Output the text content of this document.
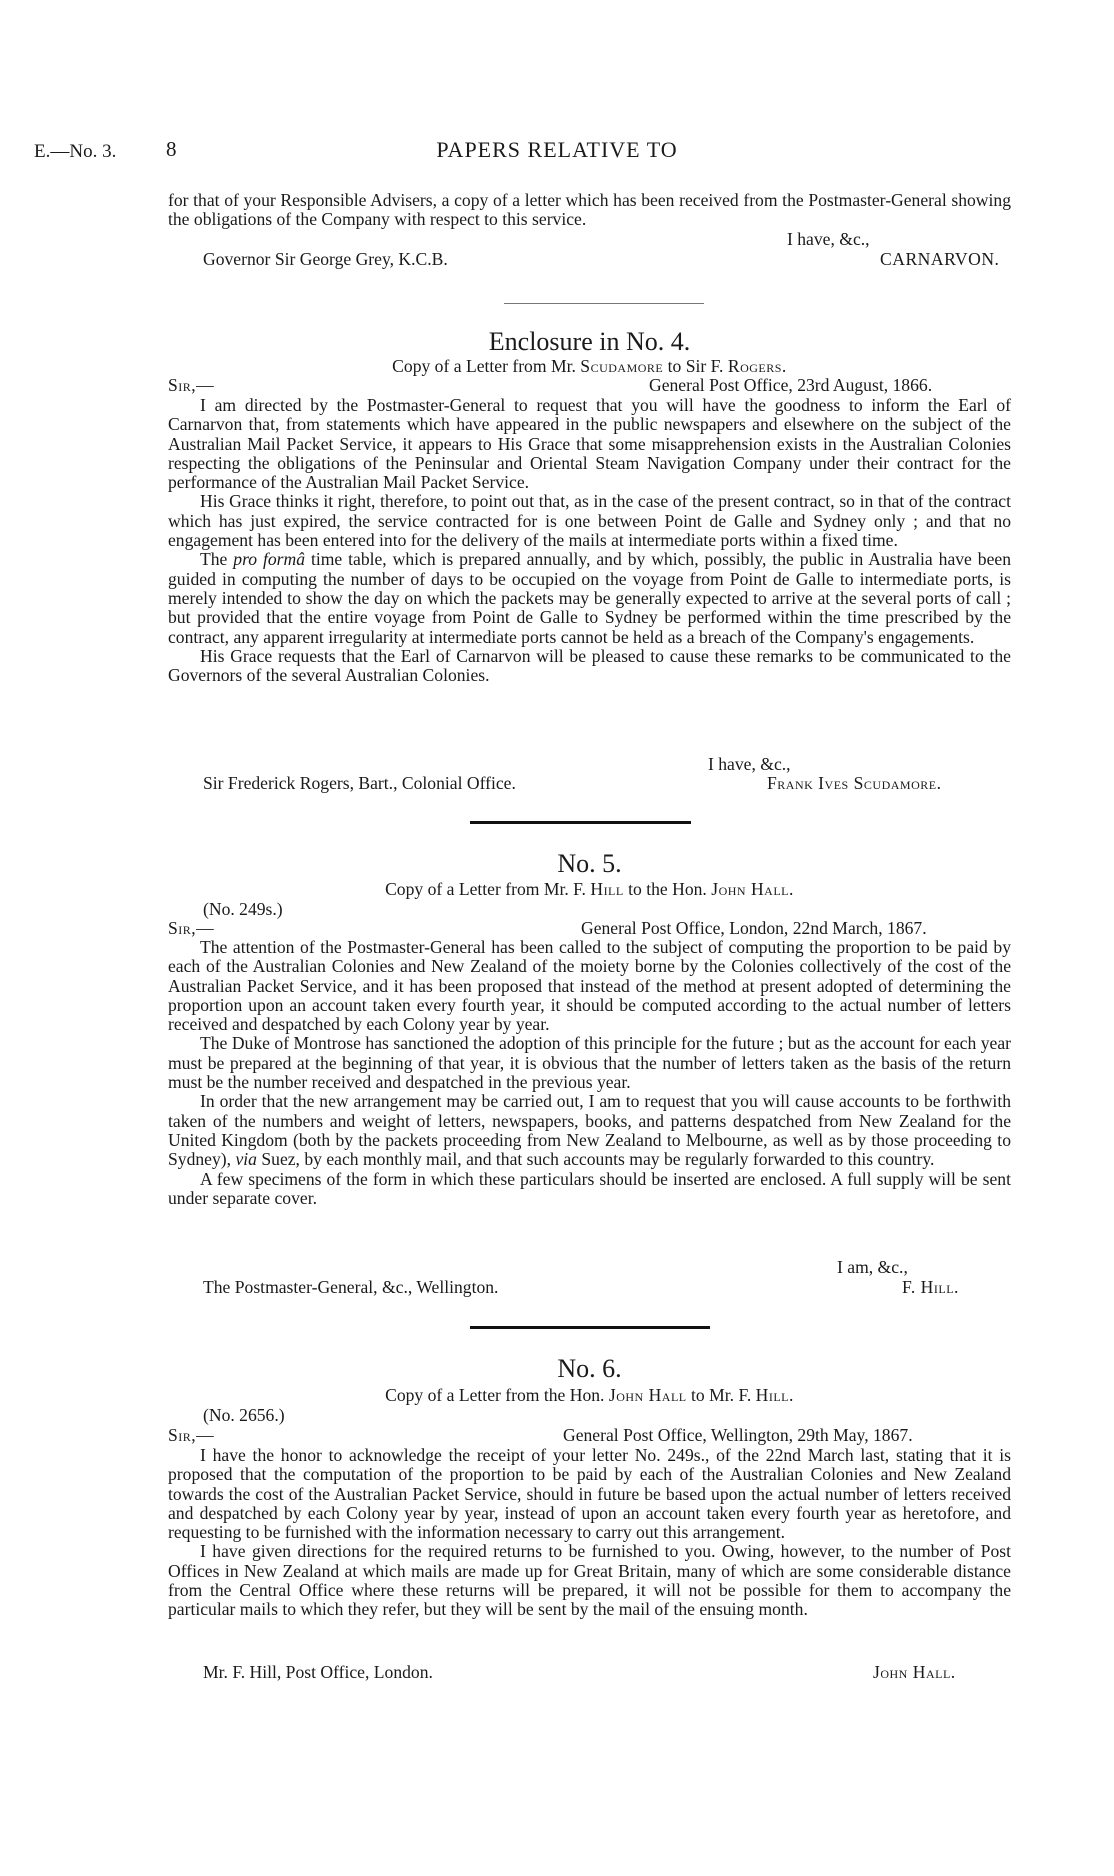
E.—No. 3. 8	PAPERS RELATIVE TO

for that of your Responsible Advisers, a copy of a letter which has been received from the Postmaster-General showing the obligations of the Company with respect to this service.

I have, &c.,
Governor Sir George Grey, K.C.B.	CARNARVON.
Enclosure in No. 4.
Copy of a Letter from Mr. Scudamore to Sir F. Rogers.
Sir,—	General Post Office, 23rd August, 1866.

I am directed by the Postmaster-General to request that you will have the goodness to inform the Earl of Carnarvon that, from statements which have appeared in the public newspapers and elsewhere on the subject of the Australian Mail Packet Service, it appears to His Grace that some misapprehension exists in the Australian Colonies respecting the obligations of the Peninsular and Oriental Steam Navigation Company under their contract for the performance of the Australian Mail Packet Service.

His Grace thinks it right, therefore, to point out that, as in the case of the present contract, so in that of the contract which has just expired, the service contracted for is one between Point de Galle and Sydney only ; and that no engagement has been entered into for the delivery of the mails at intermediate ports within a fixed time.

The pro formâ time table, which is prepared annually, and by which, possibly, the public in Australia have been guided in computing the number of days to be occupied on the voyage from Point de Galle to intermediate ports, is merely intended to show the day on which the packets may be generally expected to arrive at the several ports of call ; but provided that the entire voyage from Point de Galle to Sydney be performed within the time prescribed by the contract, any apparent irregularity at intermediate ports cannot be held as a breach of the Company's engagements.

His Grace requests that the Earl of Carnarvon will be pleased to cause these remarks to be communicated to the Governors of the several Australian Colonies.

I have, &c.,
Sir Frederick Rogers, Bart., Colonial Office.	Frank Ives Scudamore.
No. 5.
Copy of a Letter from Mr. F. Hill to the Hon. John Hall.
(No. 249s.)
Sir,—	General Post Office, London, 22nd March, 1867.

The attention of the Postmaster-General has been called to the subject of computing the proportion to be paid by each of the Australian Colonies and New Zealand of the moiety borne by the Colonies collectively of the cost of the Australian Packet Service, and it has been proposed that instead of the method at present adopted of determining the proportion upon an account taken every fourth year, it should be computed according to the actual number of letters received and despatched by each Colony year by year.

The Duke of Montrose has sanctioned the adoption of this principle for the future ; but as the account for each year must be prepared at the beginning of that year, it is obvious that the number of letters taken as the basis of the return must be the number received and despatched in the previous year.

In order that the new arrangement may be carried out, I am to request that you will cause accounts to be forthwith taken of the numbers and weight of letters, newspapers, books, and patterns despatched from New Zealand for the United Kingdom (both by the packets proceeding from New Zealand to Melbourne, as well as by those proceeding to Sydney), via Suez, by each monthly mail, and that such accounts may be regularly forwarded to this country.

A few specimens of the form in which these particulars should be inserted are enclosed. A full supply will be sent under separate cover.

I am, &c.,
The Postmaster-General, &c., Wellington.	F. Hill.
No. 6.
Copy of a Letter from the Hon. John Hall to Mr. F. Hill.
(No. 2656.)
Sir,—	General Post Office, Wellington, 29th May, 1867.

I have the honor to acknowledge the receipt of your letter No. 249s., of the 22nd March last, stating that it is proposed that the computation of the proportion to be paid by each of the Australian Colonies and New Zealand towards the cost of the Australian Packet Service, should in future be based upon the actual number of letters received and despatched by each Colony year by year, instead of upon an account taken every fourth year as heretofore, and requesting to be furnished with the information necessary to carry out this arrangement.

I have given directions for the required returns to be furnished to you. Owing, however, to the number of Post Offices in New Zealand at which mails are made up for Great Britain, many of which are some considerable distance from the Central Office where these returns will be prepared, it will not be possible for them to accompany the particular mails to which they refer, but they will be sent by the mail of the ensuing month.

Mr. F. Hill, Post Office, London.	John Hall.
